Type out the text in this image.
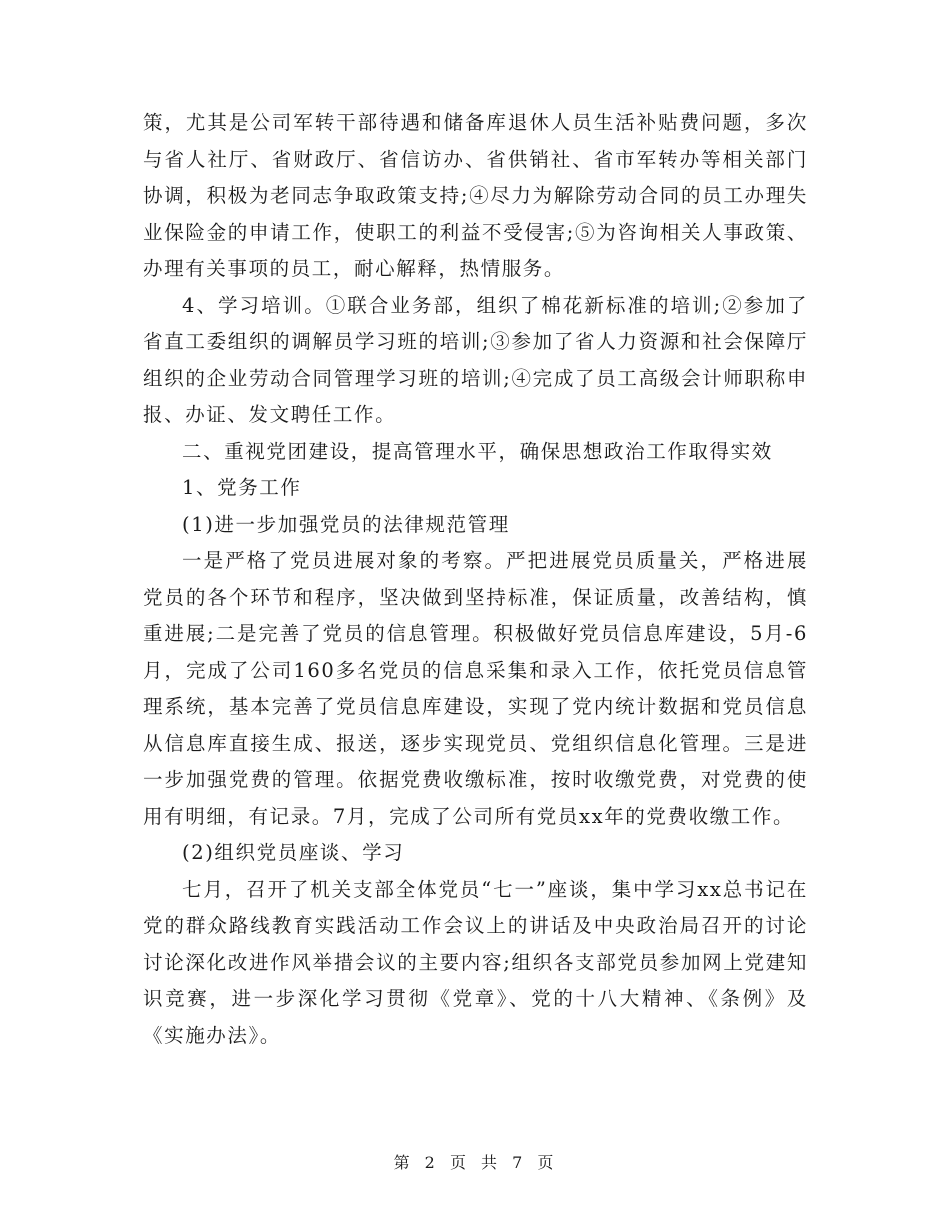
策，尤其是公司军转干部待遇和储备库退休人员生活补贴费问题，多次与省人社厅、省财政厅、省信访办、省供销社、省市军转办等相关部门协调，积极为老同志争取政策支持;④尽力为解除劳动合同的员工办理失业保险金的申请工作，使职工的利益不受侵害;⑤为咨询相关人事政策、办理有关事项的员工，耐心解释，热情服务。

4、学习培训。①联合业务部，组织了棉花新标准的培训;②参加了省直工委组织的调解员学习班的培训;③参加了省人力资源和社会保障厅组织的企业劳动合同管理学习班的培训;④完成了员工高级会计师职称申报、办证、发文聘任工作。

二、重视党团建设，提高管理水平，确保思想政治工作取得实效

1、党务工作

(1)进一步加强党员的法律规范管理

一是严格了党员进展对象的考察。严把进展党员质量关，严格进展党员的各个环节和程序，坚决做到坚持标准，保证质量，改善结构，慎重进展;二是完善了党员的信息管理。积极做好党员信息库建设，5月-6月，完成了公司160多名党员的信息采集和录入工作，依托党员信息管理系统，基本完善了党员信息库建设，实现了党内统计数据和党员信息从信息库直接生成、报送，逐步实现党员、党组织信息化管理。三是进一步加强党费的管理。依据党费收缴标准，按时收缴党费，对党费的使用有明细，有记录。7月，完成了公司所有党员xx年的党费收缴工作。

(2)组织党员座谈、学习

七月，召开了机关支部全体党员“七一”座谈，集中学习xx总书记在党的群众路线教育实践活动工作会议上的讲话及中央政治局召开的讨论讨论深化改进作风举措会议的主要内容;组织各支部党员参加网上党建知识竞赛，进一步深化学习贯彻《党章》、党的十八大精神、《条例》及《实施办法》。

第 2 页 共 7 页
